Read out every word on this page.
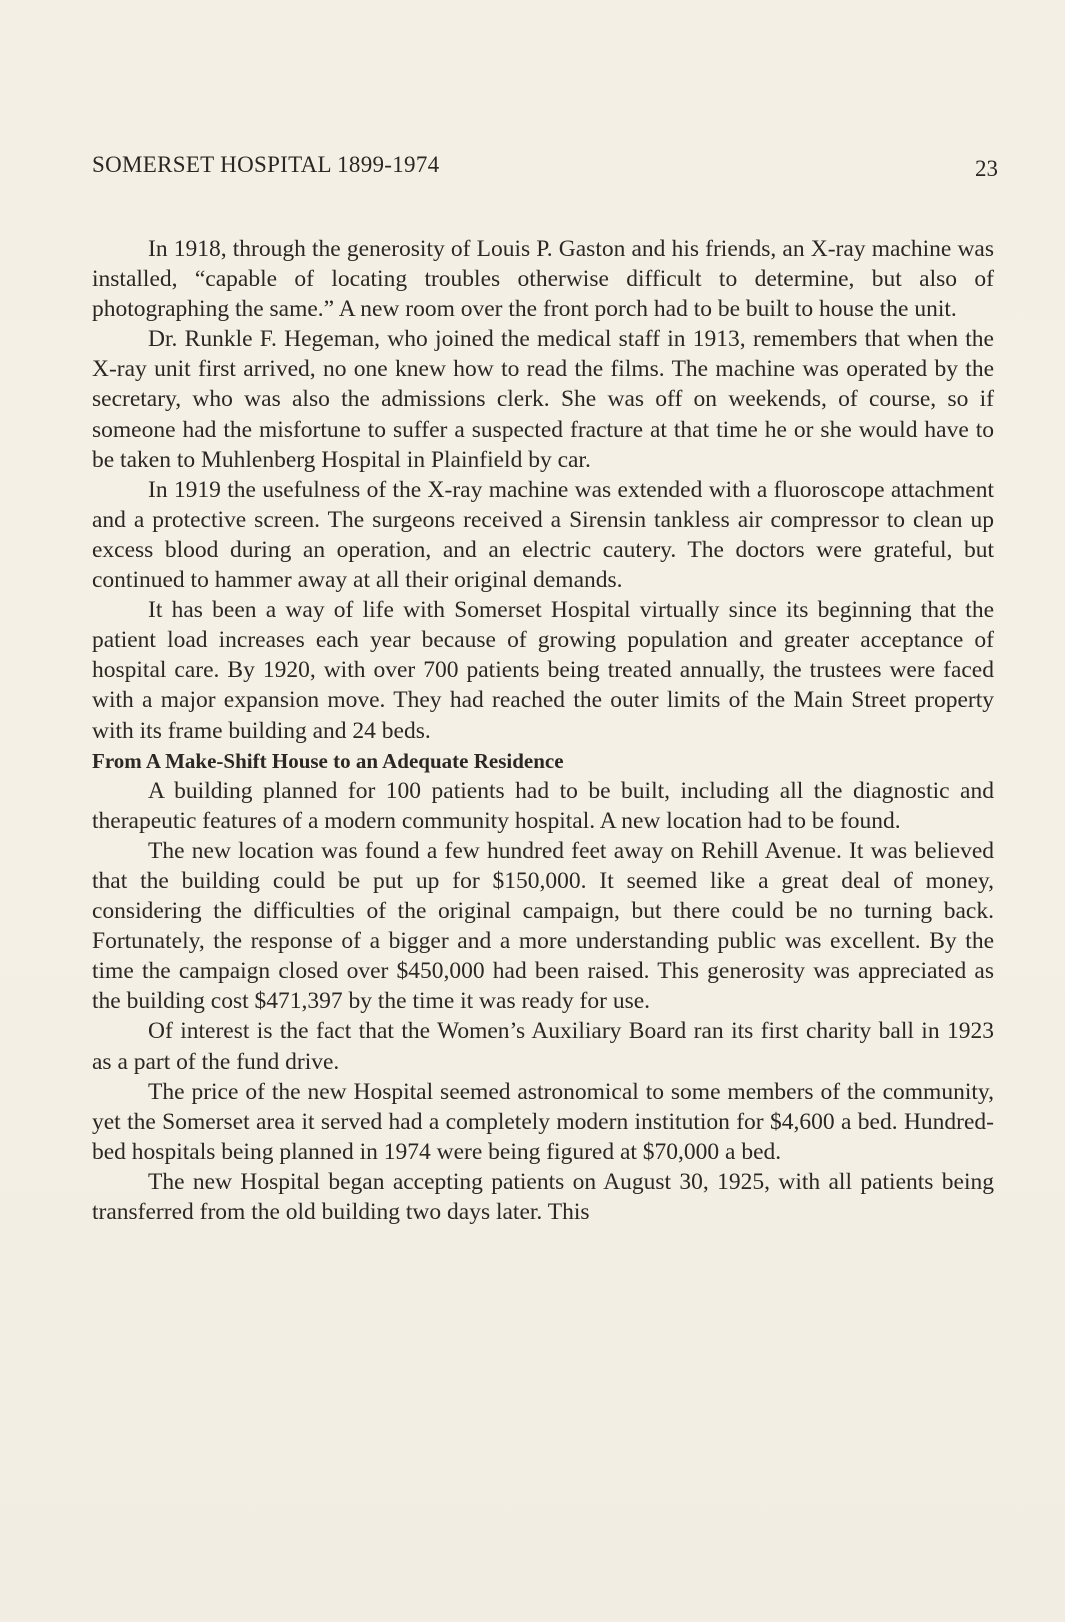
SOMERSET HOSPITAL 1899-1974	23

In 1918, through the generosity of Louis P. Gaston and his friends, an X-ray machine was installed, “capable of locating troubles otherwise difficult to determine, but also of photographing the same.” A new room over the front porch had to be built to house the unit.

Dr. Runkle F. Hegeman, who joined the medical staff in 1913, remembers that when the X-ray unit first arrived, no one knew how to read the films. The machine was operated by the secretary, who was also the admissions clerk. She was off on weekends, of course, so if someone had the misfortune to suffer a suspected fracture at that time he or she would have to be taken to Muhlenberg Hospital in Plainfield by car.

In 1919 the usefulness of the X-ray machine was extended with a fluoroscope attachment and a protective screen. The surgeons received a Sirensin tankless air compressor to clean up excess blood during an operation, and an electric cautery. The doctors were grateful, but continued to hammer away at all their original demands.

It has been a way of life with Somerset Hospital virtually since its beginning that the patient load increases each year because of growing population and greater acceptance of hospital care. By 1920, with over 700 patients being treated annually, the trustees were faced with a major expansion move. They had reached the outer limits of the Main Street property with its frame building and 24 beds.

From A Make-Shift House to an Adequate Residence

A building planned for 100 patients had to be built, including all the diagnostic and therapeutic features of a modern community hospital. A new location had to be found.

The new location was found a few hundred feet away on Rehill Avenue. It was believed that the building could be put up for $150,000. It seemed like a great deal of money, considering the difficulties of the original campaign, but there could be no turning back. Fortunately, the response of a bigger and a more understanding public was excellent. By the time the campaign closed over $450,000 had been raised. This generosity was appreciated as the building cost $471,397 by the time it was ready for use.

Of interest is the fact that the Women’s Auxiliary Board ran its first charity ball in 1923 as a part of the fund drive.

The price of the new Hospital seemed astronomical to some members of the community, yet the Somerset area it served had a completely modern institution for $4,600 a bed. Hundred-bed hospitals being planned in 1974 were being figured at $70,000 a bed.

The new Hospital began accepting patients on August 30, 1925, with all patients being transferred from the old building two days later. This
